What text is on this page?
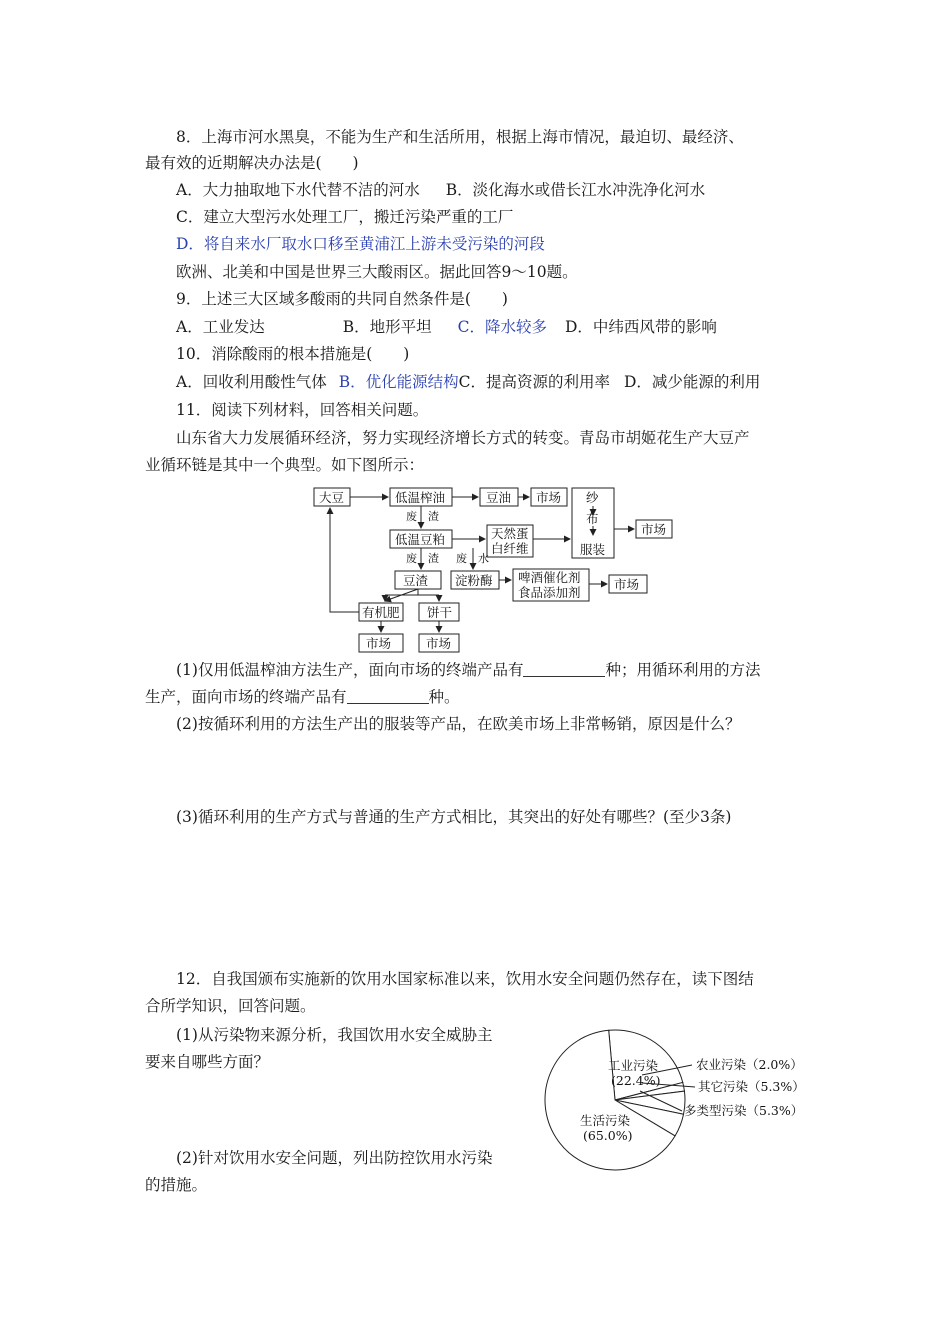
8．上海市河水黑臭，不能为生产和生活所用，根据上海市情况，最迫切、最经济、
最有效的近期解决办法是(　　)
A．大力抽取地下水代替不洁的河水 B．淡化海水或借长江水冲洗净化河水
C．建立大型污水处理工厂，搬迁污染严重的工厂
D．将自来水厂取水口移至黄浦江上游未受污染的河段
欧洲、北美和中国是世界三大酸雨区。据此回答9～10题。
9．上述三大区域多酸雨的共同自然条件是(　　)
A．工业发达	B．地形平坦 C．降水较多 D．中纬西风带的影响
10．消除酸雨的根本措施是(　　)
A．回收利用酸性气体 B．优化能源结构C．提高资源的利用率 D．减少能源的利用
11．阅读下列材料，回答相关问题。
山东省大力发展循环经济，努力实现经济增长方式的转变。青岛市胡姬花生产大豆产
业循环链是其中一个典型。如下图所示：
大豆	低温榨油	豆油 市场 纱
布
服装
市场
废　渣
低温豆粕	天然蛋
白纤维
废　渣 废　水
淀粉酶 啤酒催化剂
食品添加剂
市场
豆渣
有机肥 饼干
市场	市场
(1)仅用低温榨油方法生产，面向市场的终端产品有	种；用循环利用的方法
生产，面向市场的终端产品有	种。
(2)按循环利用的方法生产出的服装等产品，在欧美市场上非常畅销，原因是什么？
(3)循环利用的生产方式与普通的生产方式相比，其突出的好处有哪些？(至少3条)
12．自我国颁布实施新的饮用水国家标准以来，饮用水安全问题仍然存在，读下图结
合所学知识，回答问题。
(1)从污染物来源分析，我国饮用水安全威胁主
要来自哪些方面？
(2)针对饮用水安全问题，列出防控饮用水污染
的措施。
工业污染
(22.4%)
生活污染
(65.0%)
农业污染（2.0%）
其它污染（5.3%）
多类型污染（5.3%）
